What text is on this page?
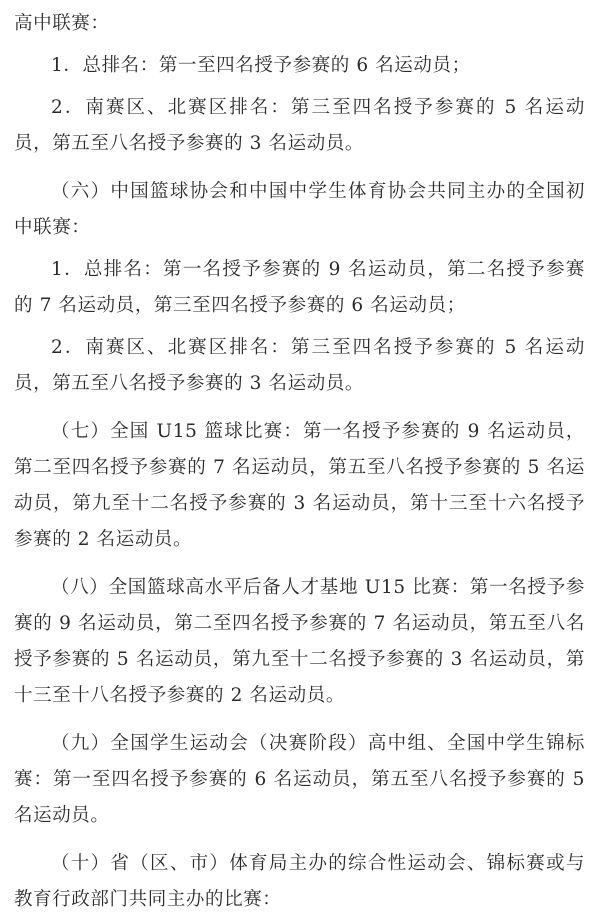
高中联赛：

1．总排名：第一至四名授予参赛的 6 名运动员；

2．南赛区、北赛区排名：第三至四名授予参赛的 5 名运动员，第五至八名授予参赛的 3 名运动员。

（六）中国篮球协会和中国中学生体育协会共同主办的全国初中联赛：

1．总排名：第一名授予参赛的 9 名运动员，第二名授予参赛的 7 名运动员，第三至四名授予参赛的 6 名运动员；

2．南赛区、北赛区排名：第三至四名授予参赛的 5 名运动员，第五至八名授予参赛的 3 名运动员。

（七）全国 U15 篮球比赛：第一名授予参赛的 9 名运动员，第二至四名授予参赛的 7 名运动员，第五至八名授予参赛的 5 名运动员，第九至十二名授予参赛的 3 名运动员，第十三至十六名授予参赛的 2 名运动员。

（八）全国篮球高水平后备人才基地 U15 比赛：第一名授予参赛的 9 名运动员，第二至四名授予参赛的 7 名运动员，第五至八名授予参赛的 5 名运动员，第九至十二名授予参赛的 3 名运动员，第十三至十八名授予参赛的 2 名运动员。

（九）全国学生运动会（决赛阶段）高中组、全国中学生锦标赛：第一至四名授予参赛的 6 名运动员，第五至八名授予参赛的 5 名运动员。

（十）省（区、市）体育局主办的综合性运动会、锦标赛或与教育行政部门共同主办的比赛：
